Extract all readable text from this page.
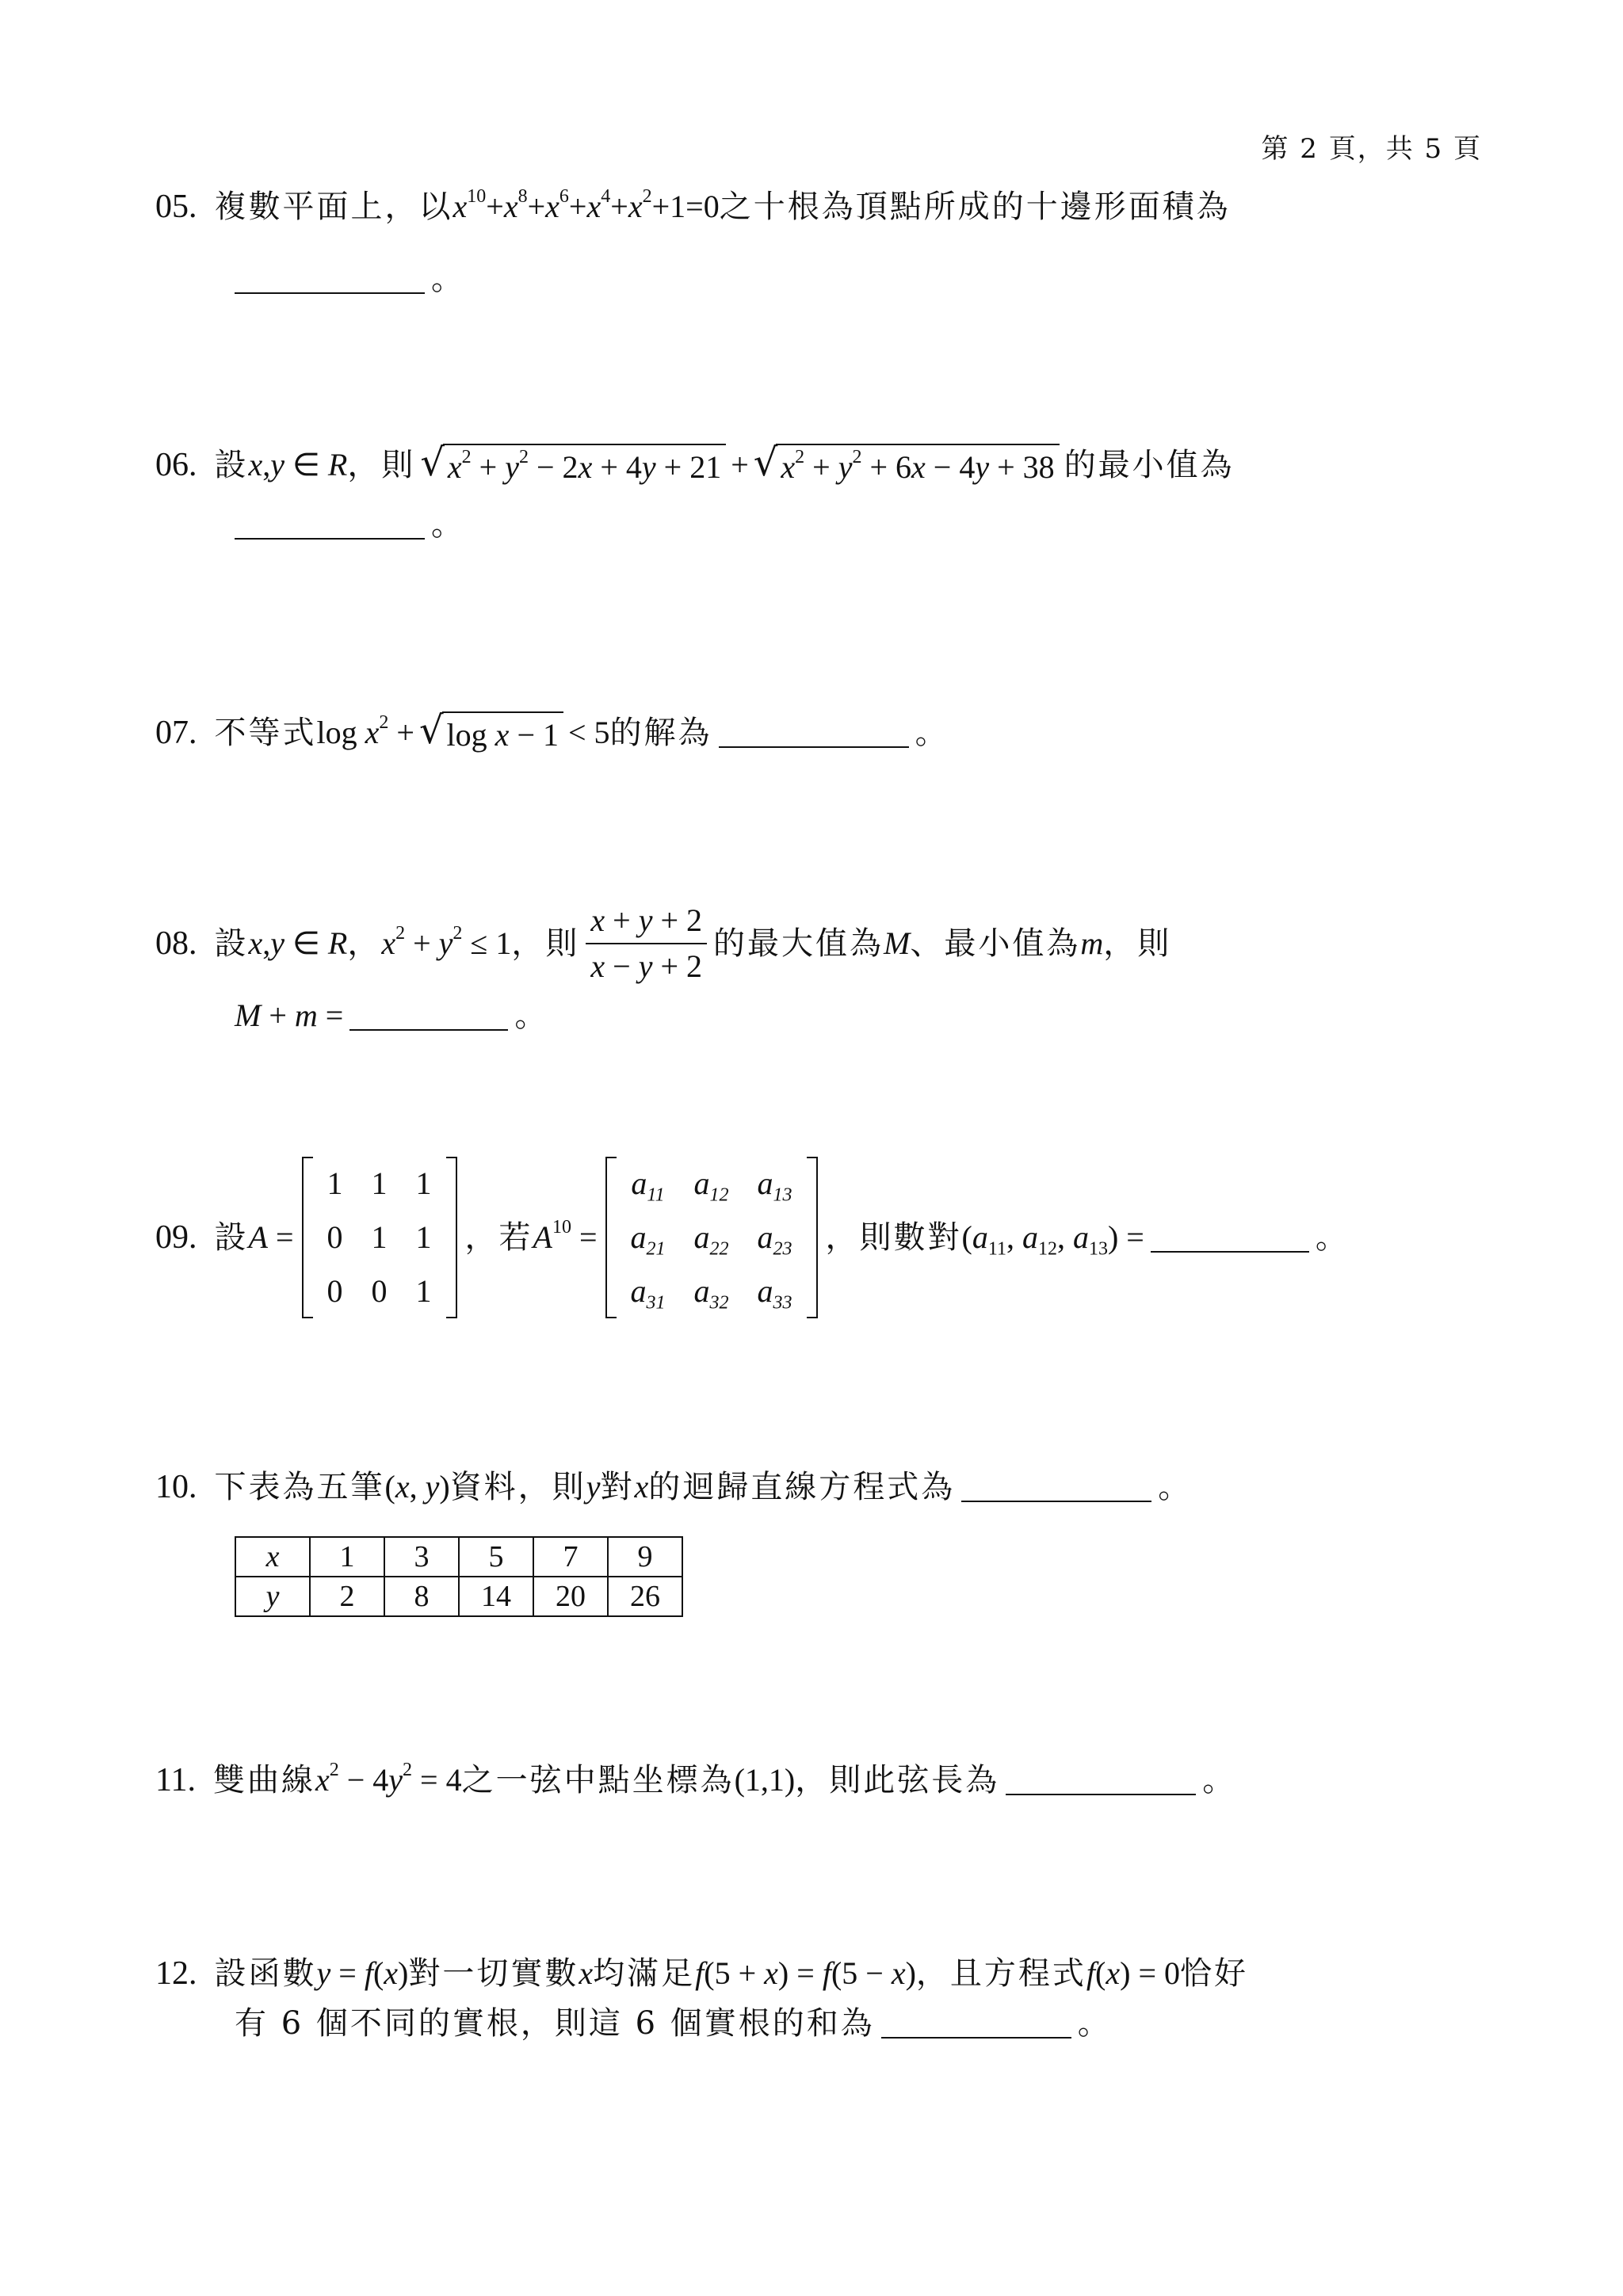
第 2 頁，共 5 頁
05. 複數平面上，以 $x^{10}+x^8+x^6+x^4+x^2+1=0$ 之十根為頂點所成的十邊形面積為
。
06. 設 x,y ∈ R ，則 √ $x^2 + y^2 - 2x + 4y + 21$ + √ $x^2 + y^2 + 6x - 4y + 38$ 的最小值為
。
07. 不等式 $\log x^2$ + √ log x − 1 < 5 的解為	。
08. 設 x,y ∈ R ， $x^2 + y^2 \le 1$ ，則 $\frac{x + y + 2}{x - y + 2}$ 的最大值為 M 、最小值為 m ，則
M + m =	。
09. 設 A =
1	1	1
0	1	1
0	0	1
，若 $A^{10}$ =
$a_{11}$	$a_{12}$	$a_{13}$
$a_{21}$	$a_{22}$	$a_{23}$
$a_{31}$	$a_{32}$	$a_{33}$
，則數對 ($a_{11}$, $a_{12}$, $a_{13}$) =	。
10. 下表為五筆 (x, y) 資料，則 y 對 x 的迴歸直線方程式為	。
x	1	3	5	7	9
y	2	8	14	20	26
11. 雙曲線 $x^2 - 4y^2 = 4$ 之一弦中點坐標為 (1,1) ，則此弦長為	。
12. 設函數 y = f(x) 對一切實數 x 均滿足 f(5 + x) = f(5 − x) ，且方程式 f(x) = 0 恰好
有 6 個不同的實根，則這 6 個實根的和為	。
